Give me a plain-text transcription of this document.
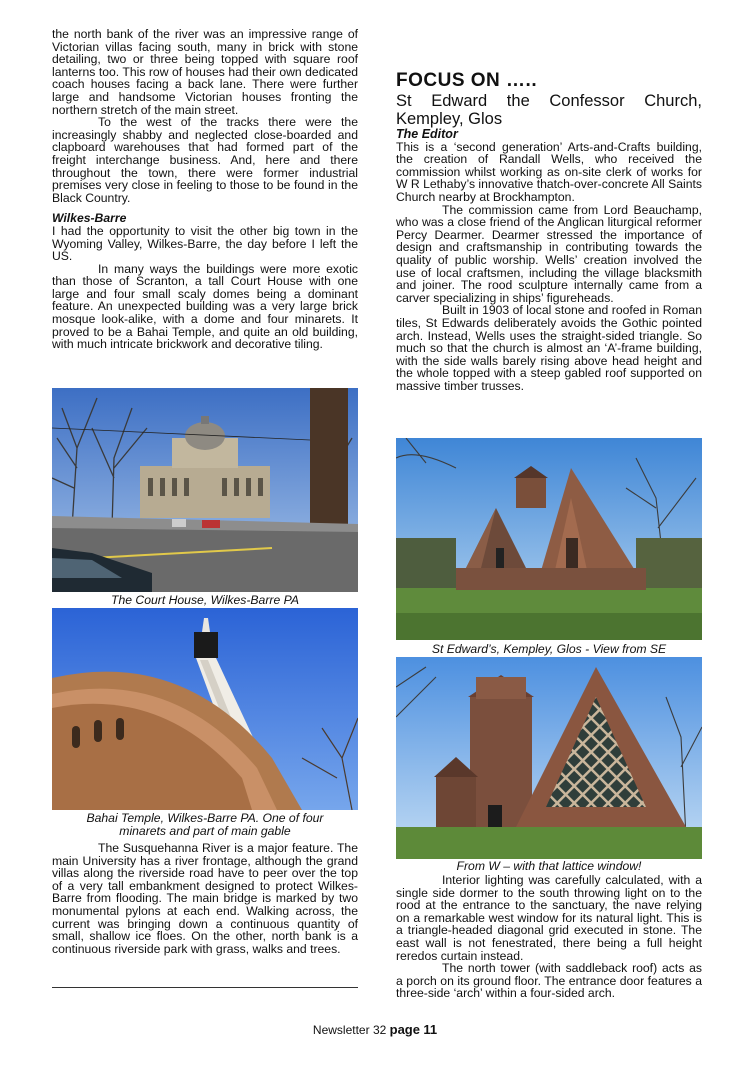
the north bank of the river was an impressive range of Victorian villas facing south, many in brick with stone detailing, two or three being topped with square roof lanterns too. This row of houses had their own dedicated coach houses facing a back lane. There were further large and handsome Victorian houses fronting the northern stretch of the main street.

To the west of the tracks there were the increasingly shabby and neglected close-boarded and clapboard warehouses that had formed part of the freight interchange business. And, here and there throughout the town, there were former industrial premises very close in feeling to those to be found in the Black Country.

Wilkes-Barre

I had the opportunity to visit the other big town in the Wyoming Valley, Wilkes-Barre, the day before I left the US.

In many ways the buildings were more exotic than those of Scranton, a tall Court House with one large and four small scaly domes being a dominant feature. An unexpected building was a very large brick mosque look-alike, with a dome and four minarets. It proved to be a Bahai Temple, and quite an old building, with much intricate brickwork and decorative tiling.

The Court House, Wilkes-Barre PA
Bahai Temple, Wilkes-Barre PA. One of four
minarets and part of main gable

The Susquehanna River is a major feature. The main University has a river frontage, although the grand villas along the riverside road have to peer over the top of a very tall embankment designed to protect Wilkes-Barre from flooding. The main bridge is marked by two monumental pylons at each end. Walking across, the current was bringing down a continuous quantity of small, shallow ice floes. On the other, north bank is a continuous riverside park with grass, walks and trees.

FOCUS ON …..

St Edward the Confessor Church, Kempley, Glos

The Editor

This is a ‘second generation’ Arts-and-Crafts building, the creation of Randall Wells, who received the commission whilst working as on-site clerk of works for W R Lethaby’s innovative thatch-over-concrete All Saints Church nearby at Brockhampton.

The commission came from Lord Beauchamp, who was a close friend of the Anglican liturgical reformer Percy Dearmer. Dearmer stressed the importance of design and craftsmanship in contributing towards the quality of public worship. Wells’ creation involved the use of local craftsmen, including the village blacksmith and joiner. The rood sculpture internally came from a carver specializing in ships’ figureheads.

Built in 1903 of local stone and roofed in Roman tiles, St Edwards deliberately avoids the Gothic pointed arch. Instead, Wells uses the straight-sided triangle. So much so that the church is almost an ‘A’-frame building, with the side walls barely rising above head height and the whole topped with a steep gabled roof supported on massive timber trusses.

St Edward’s, Kempley, Glos - View from SE
From W – with that lattice window!

Interior lighting was carefully calculated, with a single side dormer to the south throwing light on to the rood at the entrance to the sanctuary, the nave relying on a remarkable west window for its natural light. This is a triangle-headed diagonal grid executed in stone. The east wall is not fenestrated, there being a full height reredos curtain instead.

The north tower (with saddleback roof) acts as a porch on its ground floor. The entrance door features a three-side ‘arch’ within a four-sided arch.

Newsletter 32 page 11
